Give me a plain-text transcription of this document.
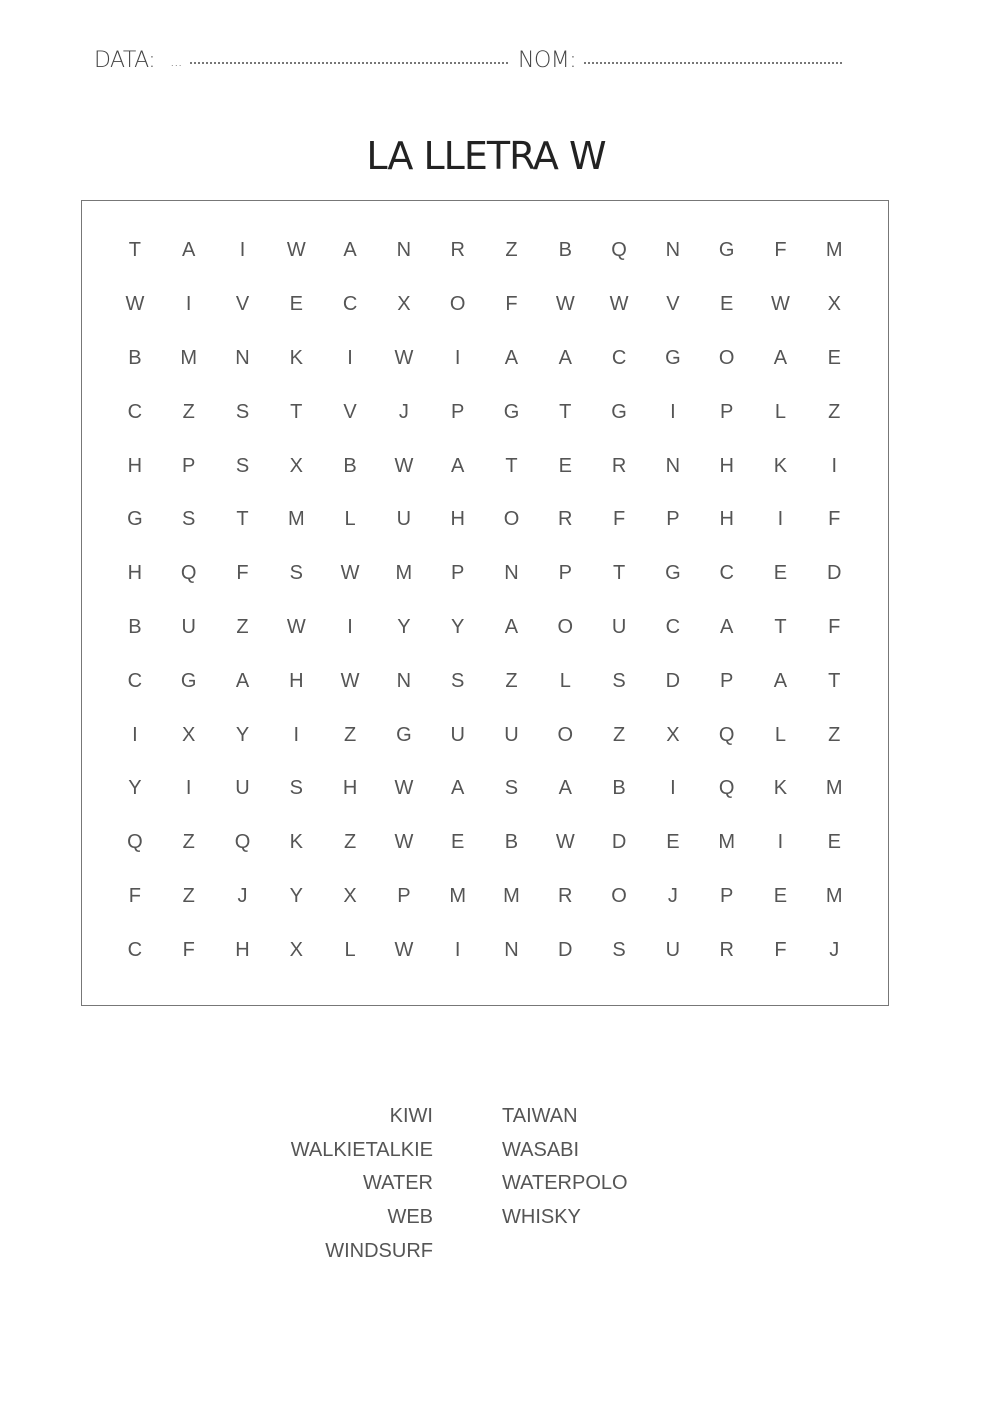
DATA: ...	NOM:
LA LLETRA W
T	A	I	W	A	N	R	Z	B	Q	N	G	F	M
W	I	V	E	C	X	O	F	W	W	V	E	W	X
B	M	N	K	I	W	I	A	A	C	G	O	A	E
C	Z	S	T	V	J	P	G	T	G	I	P	L	Z
H	P	S	X	B	W	A	T	E	R	N	H	K	I
G	S	T	M	L	U	H	O	R	F	P	H	I	F
H	Q	F	S	W	M	P	N	P	T	G	C	E	D
B	U	Z	W	I	Y	Y	A	O	U	C	A	T	F
C	G	A	H	W	N	S	Z	L	S	D	P	A	T
I	X	Y	I	Z	G	U	U	O	Z	X	Q	L	Z
Y	I	U	S	H	W	A	S	A	B	I	Q	K	M
Q	Z	Q	K	Z	W	E	B	W	D	E	M	I	E
F	Z	J	Y	X	P	M	M	R	O	J	P	E	M
C	F	H	X	L	W	I	N	D	S	U	R	F	J
KIWI
WALKIETALKIE
WATER
WEB
WINDSURF
TAIWAN
WASABI
WATERPOLO
WHISKY
